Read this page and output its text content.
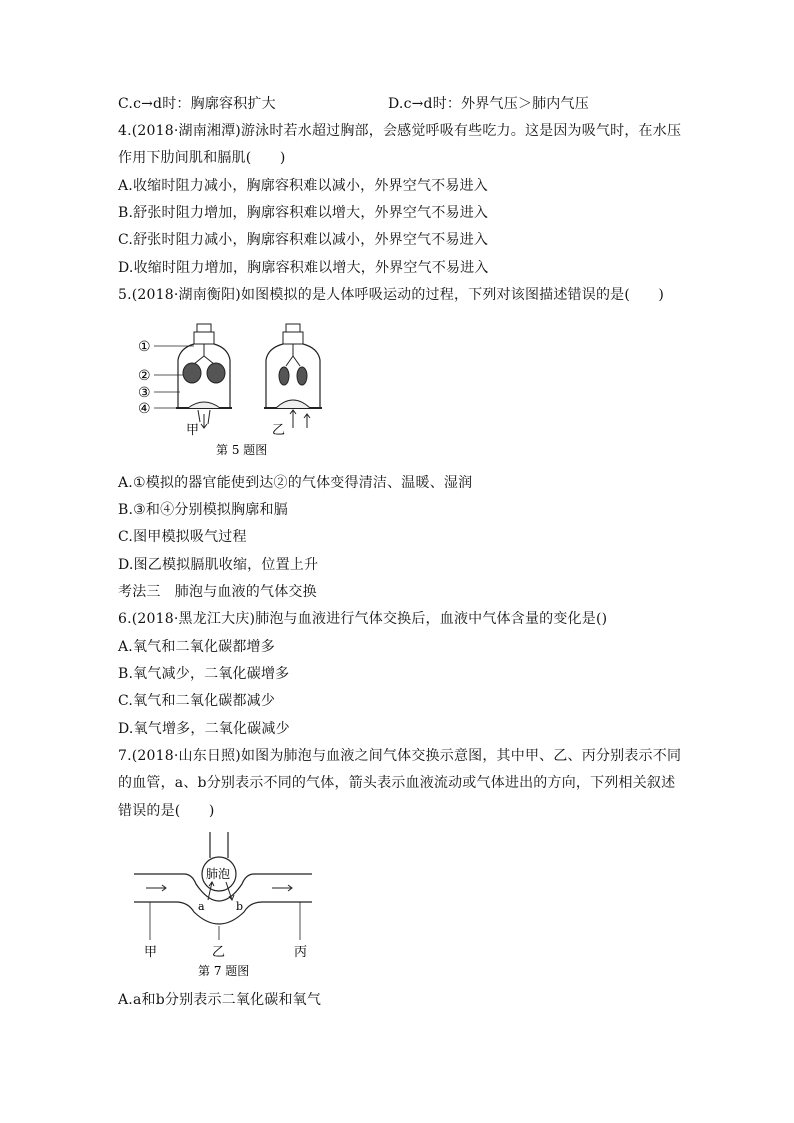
C.c→d时：胸廓容积扩大	D.c→d时：外界气压＞肺内气压
4.(2018·湖南湘潭)游泳时若水超过胸部，会感觉呼吸有些吃力。这是因为吸气时，在水压
作用下肋间肌和膈肌(　　)
A.收缩时阻力减小，胸廓容积难以减小，外界空气不易进入
B.舒张时阻力增加，胸廓容积难以增大，外界空气不易进入
C.舒张时阻力减小，胸廓容积难以减小，外界空气不易进入
D.收缩时阻力增加，胸廓容积难以增大，外界空气不易进入
5.(2018·湖南衡阳)如图模拟的是人体呼吸运动的过程，下列对该图描述错误的是(　　)
①
②
③
④
甲	乙
第 5 题图
A.①模拟的器官能使到达②的气体变得清洁、温暖、湿润
B.③和④分别模拟胸廓和膈
C.图甲模拟吸气过程
D.图乙模拟膈肌收缩，位置上升
考法三　肺泡与血液的气体交换
6.(2018·黑龙江大庆)肺泡与血液进行气体交换后，血液中气体含量的变化是()
A.氧气和二氧化碳都增多
B.氧气减少，二氧化碳增多
C.氧气和二氧化碳都减少
D.氧气增多，二氧化碳减少
7.(2018·山东日照)如图为肺泡与血液之间气体交换示意图，其中甲、乙、丙分别表示不同
的血管，a、b分别表示不同的气体，箭头表示血液流动或气体进出的方向，下列相关叙述
错误的是(　　)
肺泡
a	b
甲	乙	丙
第 7 题图
A.a和b分别表示二氧化碳和氧气
